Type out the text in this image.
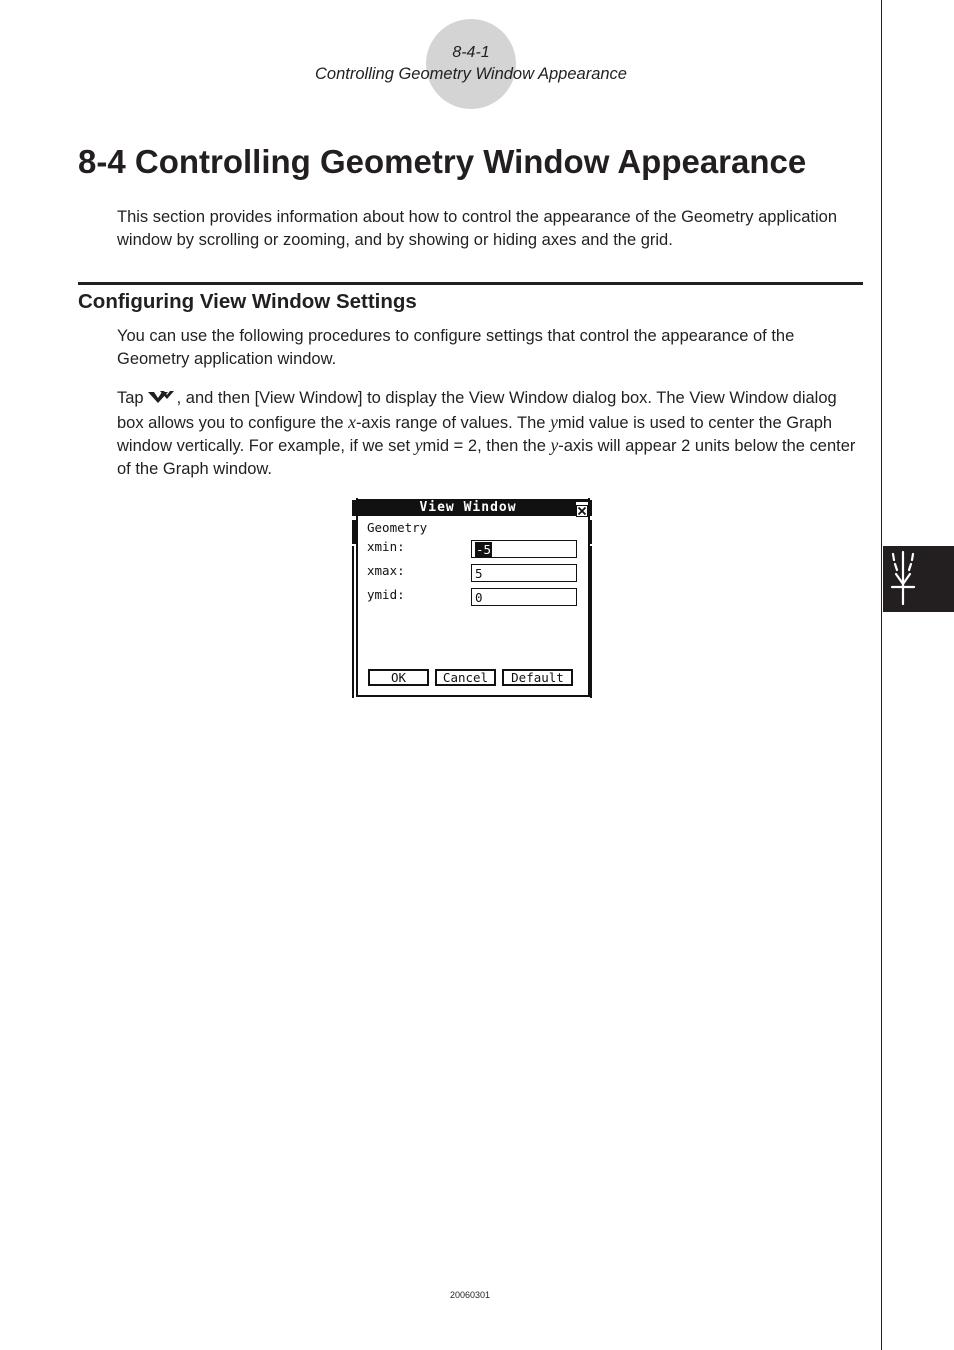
8-4-1
Controlling Geometry Window Appearance
8-4 Controlling Geometry Window Appearance

This section provides information about how to control the appearance of the Geometry application window by scrolling or zooming, and by showing or hiding axes and the grid.

Configuring View Window Settings

You can use the following procedures to configure settings that control the appearance of the Geometry application window.

Tap , and then [View Window] to display the View Window dialog box. The View Window dialog box allows you to configure the x-axis range of values. The ymid value is used to center the Graph window vertically. For example, if we set ymid = 2, then the y-axis will appear 2 units below the center of the Graph window.

View Window
Geometry
xmin:	-5
xmax:	5
ymid:	0
OK	Cancel	Default
20060301
